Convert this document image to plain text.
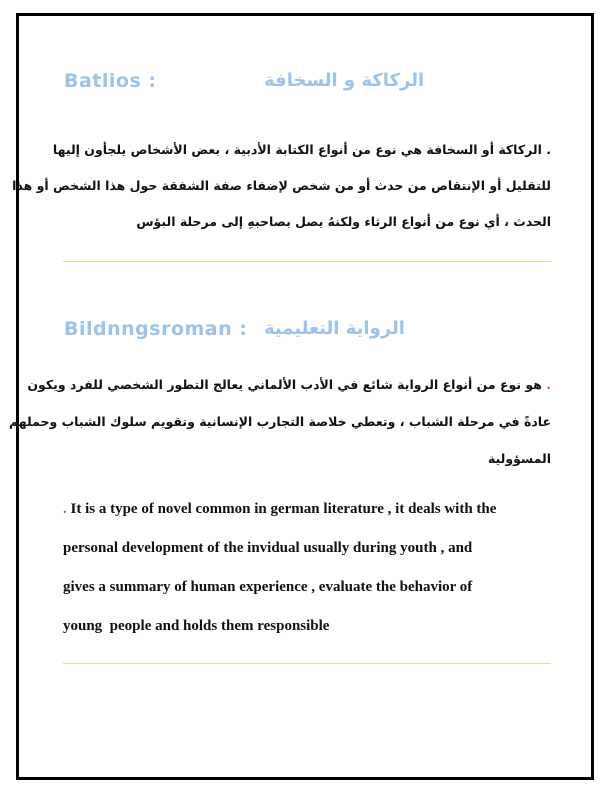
Batlios :	الركاكة و السخافة
. الركاكة أو السخافة هي نوع من أنواع الكتابة الأدبية ، بعض الأشخاص يلجأون إليها
للتقليل أو الإنتقاص من حدث أو من شخص لإضفاء صفة الشفقة حول هذا الشخص أو هذا
الحدث ، أي نوع من أنواع الرثاء ولكنهُ يصل بصاحبهِ إلى مرحلة البؤس
Bildnngsroman : الرواية التعليمية
. هو نوع من أنواع الرواية شائع في الأدب الألماني يعالج التطور الشخصي للفرد ويكون
عادةً في مرحلة الشباب ، وتعطي خلاصة التجارب الإنسانية وتقويم سلوك الشباب وحملهم
المسؤولية
. It is a type of novel common in german literature , it deals with the
personal development of the invidual usually during youth , and
gives a summary of human experience , evaluate the behavior of
young  people and holds them responsible
